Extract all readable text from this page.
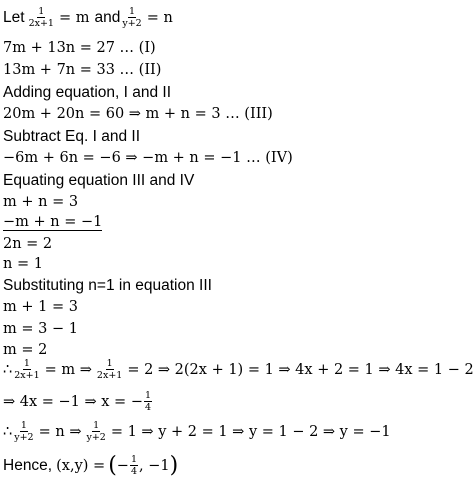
Let $\frac{1}{2x+1} = m$ and $\frac{1}{y+2} = n$
7m + 13n = 27 … (I)
13m + 7n = 33 … (II)
Adding equation, I and II
20m + 20n = 60 ⇒ m + n = 3 … (III)
Subtract Eq. I and II
−6m + 6n = −6 ⇒ −m + n = −1 … (IV)
Equating equation III and IV
m + n = 3
−m + n = −1
2n = 2
n = 1
Substituting n=1 in equation III
m + 1 = 3
m = 3 − 1
m = 2
∴ $\frac{1}{2x+1} = m$ ⇒ $\frac{1}{2x+1} = 2$ ⇒ 2(2x + 1) = 1 ⇒ 4x + 2 = 1 ⇒ 4x = 1 − 2
⇒ 4x = −1 ⇒ x = − $\frac{1}{4}$
∴ $\frac{1}{y+2} = n$ ⇒ $\frac{1}{y+2} = 1$ ⇒ y + 2 = 1 ⇒ y = 1 − 2 ⇒ y = −1
Hence, (x,y) = ( − $\frac{1}{4}$ , −1 )
